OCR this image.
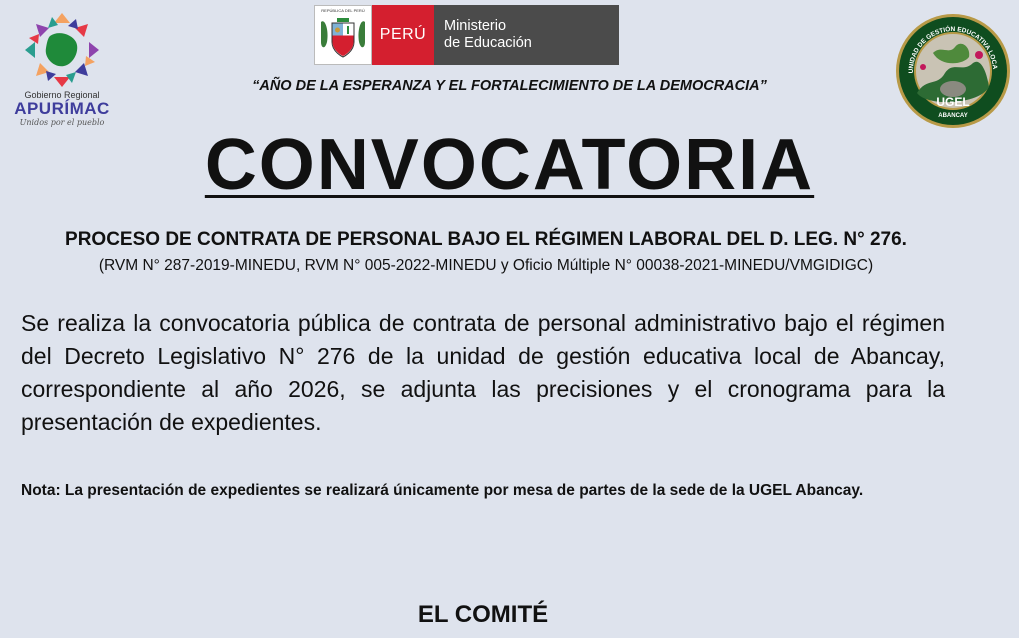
Gobierno Regional
APURÍMAC
Unidos por el pueblo
REPÚBLICA DEL PERÚ
PERÚ	Ministerio
de Educación
“AÑO DE LA ESPERANZA Y EL FORTALECIMIENTO DE LA DEMOCRACIA”
UNIDAD DE GESTIÓN EDUCATIVA LOCA
UGEL
ABANCAY
CONVOCATORIA
PROCESO DE CONTRATA DE PERSONAL BAJO EL RÉGIMEN LABORAL DEL D. LEG. N° 276.
(RVM N° 287-2019-MINEDU, RVM N° 005-2022-MINEDU y Oficio Múltiple N° 00038-2021-MINEDU/VMGIDIGC)
Se realiza la convocatoria pública de contrata de personal administrativo bajo el régimen del Decreto Legislativo N° 276 de la unidad de gestión educativa local de Abancay, correspondiente al año 2026, se adjunta las precisiones y el cronograma para la presentación de expedientes.
Nota: La presentación de expedientes se realizará únicamente por mesa de partes de la sede de la UGEL Abancay.
EL COMITÉ
